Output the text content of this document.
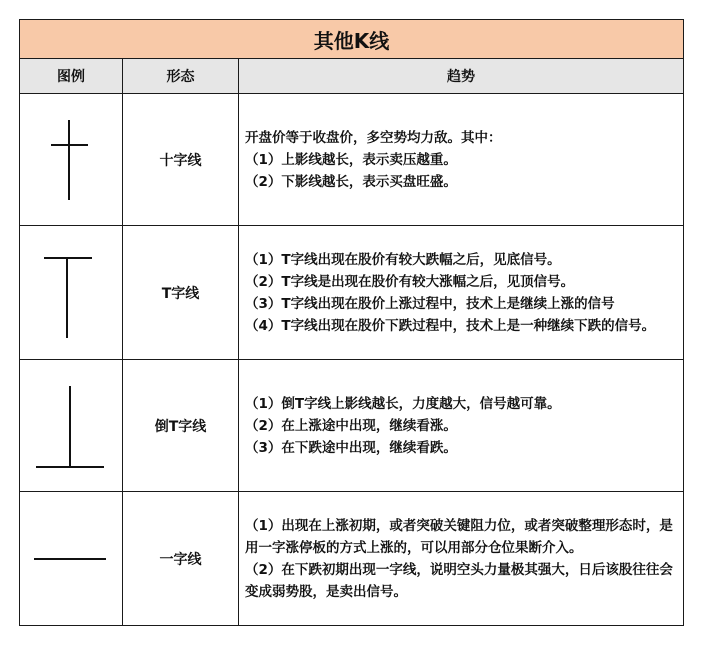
其他K线		
图例	形态	趋势

	十字线	开盘价等于收盘价，多空势均力敌。其中：
（1）上影线越长，表示卖压越重。
（2）下影线越长，表示买盘旺盛。

	T字线	（1）T字线出现在股价有较大跌幅之后，见底信号。
（2）T字线是出现在股价有较大涨幅之后，见顶信号。
（3）T字线出现在股价上涨过程中，技术上是继续上涨的信号
（4）T字线出现在股价下跌过程中，技术上是一种继续下跌的信号。

	倒T字线	（1）倒T字线上影线越长，力度越大，信号越可靠。
（2）在上涨途中出现，继续看涨。
（3）在下跌途中出现，继续看跌。

	一字线	（1）出现在上涨初期，或者突破关键阻力位，或者突破整理形态时，是用一字涨停板的方式上涨的，可以用部分仓位果断介入。
（2）在下跌初期出现一字线，说明空头力量极其强大，日后该股往往会变成弱势股，是卖出信号。
